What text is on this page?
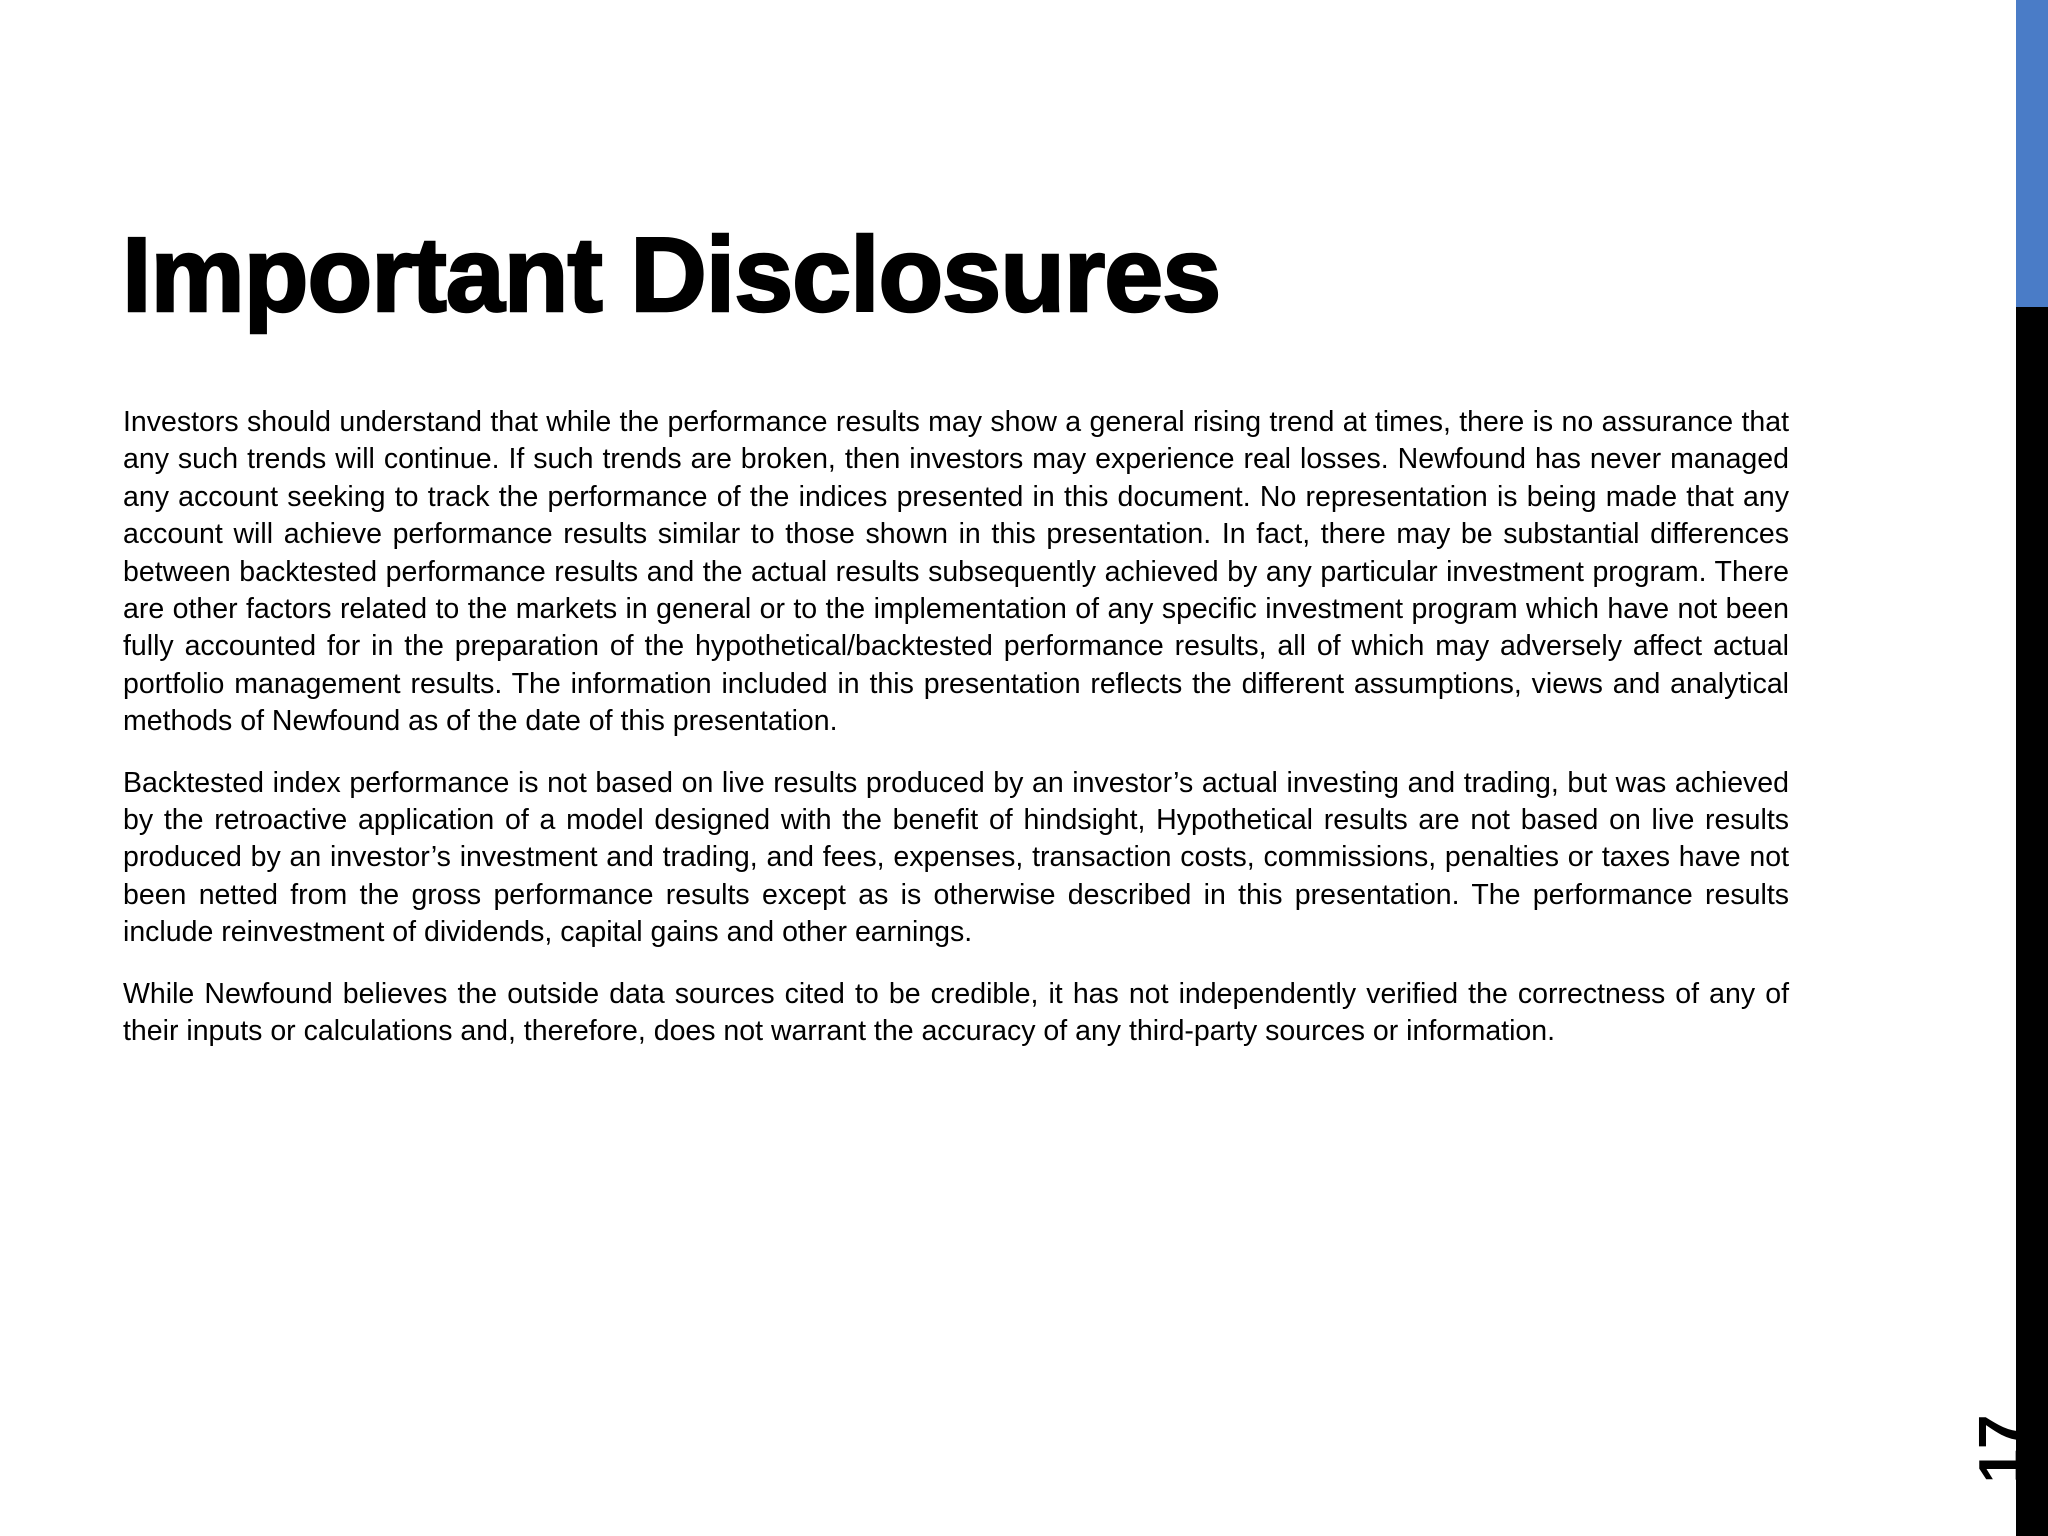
Important Disclosures

Investors should understand that while the performance results may show a general rising trend at times, there is no assurance that any such trends will continue. If such trends are broken, then investors may experience real losses. Newfound has never managed any account seeking to track the performance of the indices presented in this document. No representation is being made that any account will achieve performance results similar to those shown in this presentation. In fact, there may be substantial differences between backtested performance results and the actual results subsequently achieved by any particular investment program. There are other factors related to the markets in general or to the implementation of any specific investment program which have not been fully accounted for in the preparation of the hypothetical/backtested performance results, all of which may adversely affect actual portfolio management results. The information included in this presentation reflects the different assumptions, views and analytical methods of Newfound as of the date of this presentation.

Backtested index performance is not based on live results produced by an investor’s actual investing and trading, but was achieved by the retroactive application of a model designed with the benefit of hindsight, Hypothetical results are not based on live results produced by an investor’s investment and trading, and fees, expenses, transaction costs, commissions, penalties or taxes have not been netted from the gross performance results except as is otherwise described in this presentation. The performance results include reinvestment of dividends, capital gains and other earnings.

While Newfound believes the outside data sources cited to be credible, it has not independently verified the correctness of any of their inputs or calculations and, therefore, does not warrant the accuracy of any third-party sources or information.

17
